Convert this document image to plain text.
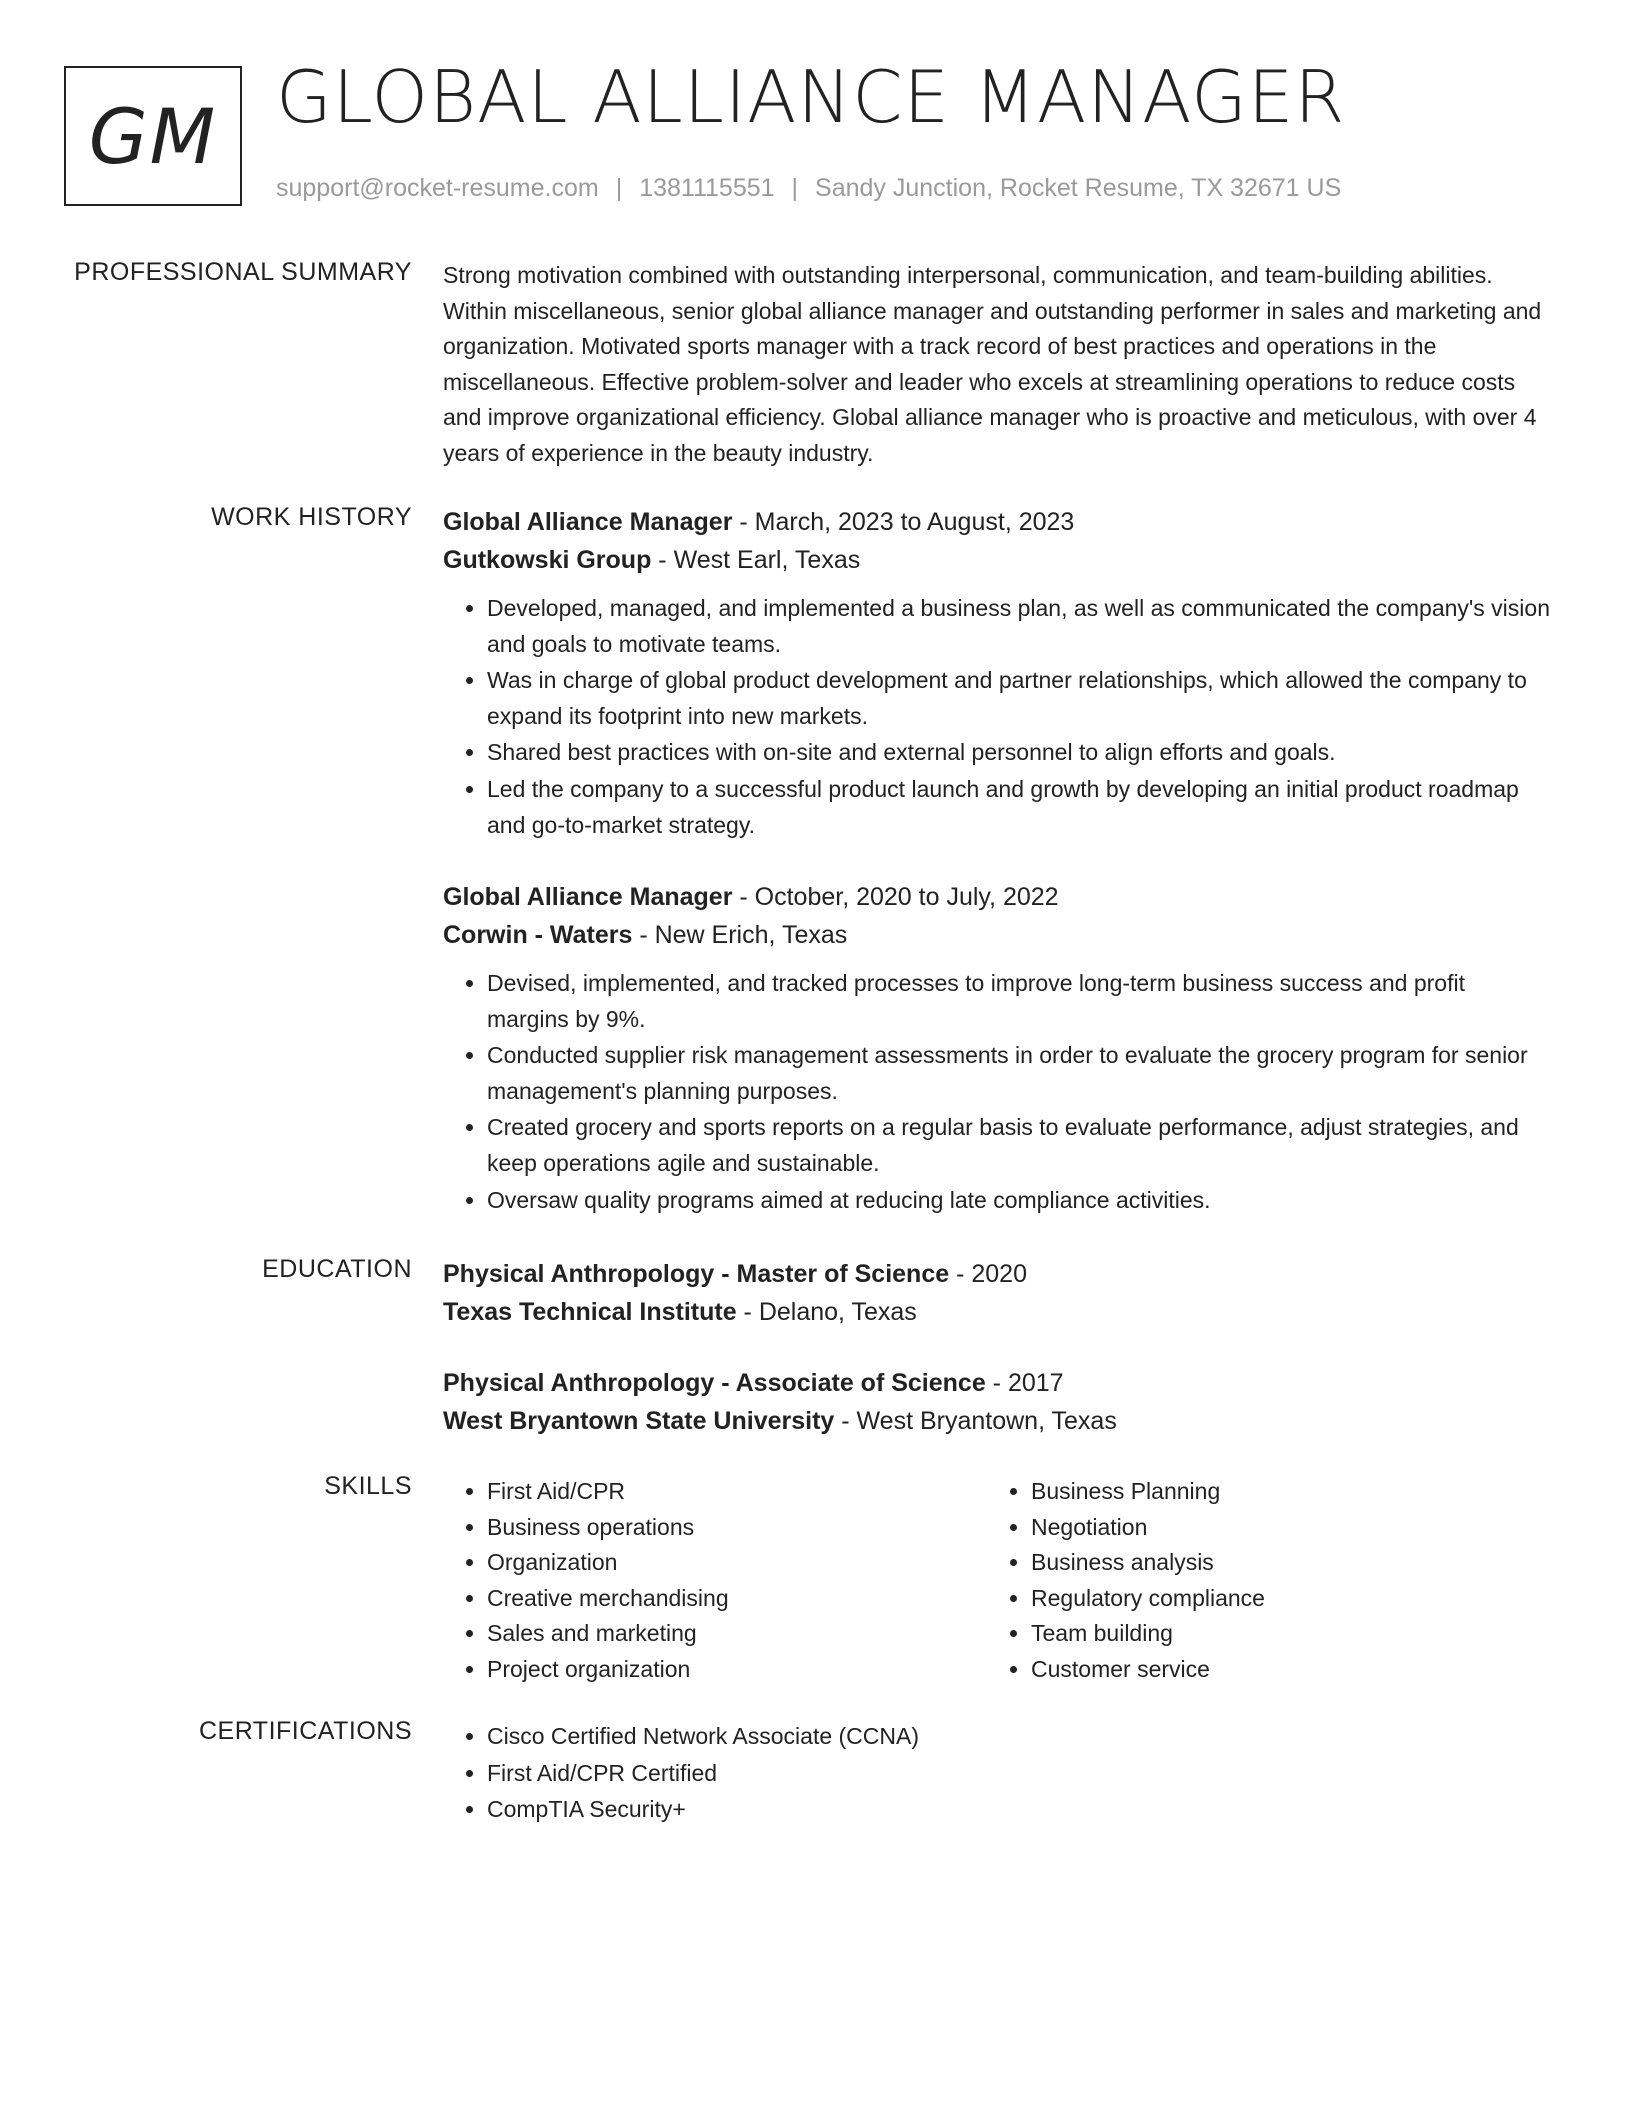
GM GLOBAL ALLIANCE MANAGER
support@rocket-resume.com | 1381115551 | Sandy Junction, Rocket Resume, TX 32671 US
PROFESSIONAL SUMMARY Strong motivation combined with outstanding interpersonal, communication, and team-building abilities. Within miscellaneous, senior global alliance manager and outstanding performer in sales and marketing and organization. Motivated sports manager with a track record of best practices and operations in the miscellaneous. Effective problem-solver and leader who excels at streamlining operations to reduce costs and improve organizational efficiency. Global alliance manager who is proactive and meticulous, with over 4 years of experience in the beauty industry.

WORK HISTORY Global Alliance Manager - March, 2023 to August, 2023

Gutkowski Group - West Earl, Texas

• Developed, managed, and implemented a business plan, as well as communicated the company's vision and goals to motivate teams.
• Was in charge of global product development and partner relationships, which allowed the company to expand its footprint into new markets.
• Shared best practices with on-site and external personnel to align efforts and goals.
• Led the company to a successful product launch and growth by developing an initial product roadmap and go-to-market strategy.

Global Alliance Manager - October, 2020 to July, 2022

Corwin - Waters - New Erich, Texas

• Devised, implemented, and tracked processes to improve long-term business success and profit margins by 9%.
• Conducted supplier risk management assessments in order to evaluate the grocery program for senior management's planning purposes.
• Created grocery and sports reports on a regular basis to evaluate performance, adjust strategies, and keep operations agile and sustainable.
• Oversaw quality programs aimed at reducing late compliance activities.
EDUCATION Physical Anthropology - Master of Science - 2020

Texas Technical Institute - Delano, Texas

Physical Anthropology - Associate of Science - 2017

West Bryantown State University - West Bryantown, Texas

SKILLS	• First Aid/CPR
• Business operations
• Organization
• Creative merchandising
• Sales and marketing
• Project organization
• Business Planning
• Negotiation
• Business analysis
• Regulatory compliance
• Team building
• Customer service
CERTIFICATIONS	• Cisco Certified Network Associate (CCNA)
• First Aid/CPR Certified
• CompTIA Security+
